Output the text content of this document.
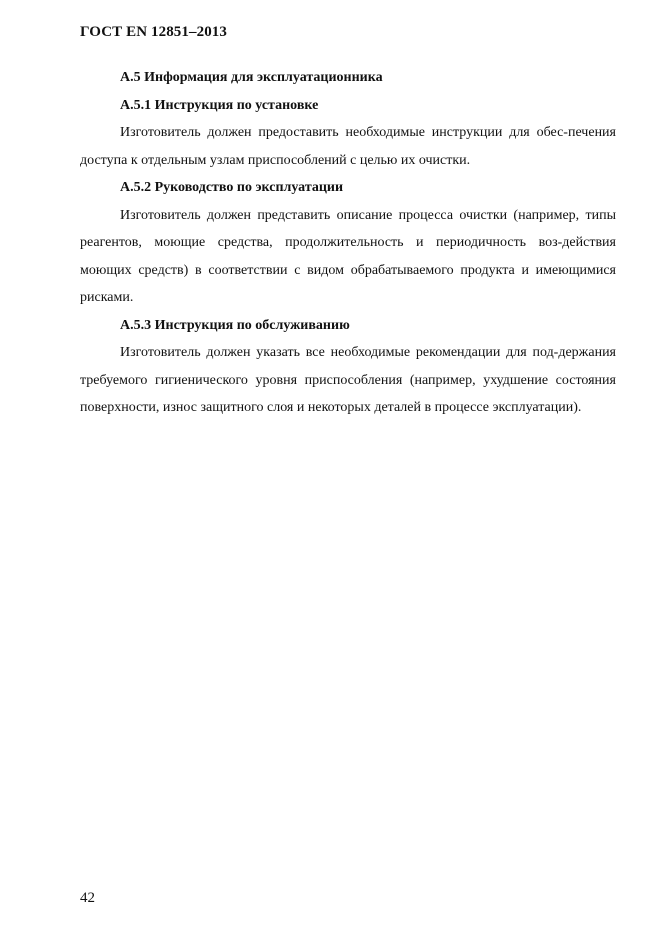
ГОСТ EN 12851–2013

А.5 Информация для эксплуатационника

А.5.1 Инструкция по установке

Изготовитель должен предоставить необходимые инструкции для обес-печения доступа к отдельным узлам приспособлений с целью их очистки.

А.5.2 Руководство по эксплуатации

Изготовитель должен представить описание процесса очистки (например, типы реагентов, моющие средства, продолжительность и периодичность воз-действия моющих средств) в соответствии с видом обрабатываемого продукта и имеющимися рисками.

А.5.3 Инструкция по обслуживанию

Изготовитель должен указать все необходимые рекомендации для под-держания требуемого гигиенического уровня приспособления (например, ухудшение состояния поверхности, износ защитного слоя и некоторых деталей в процессе эксплуатации).

42
